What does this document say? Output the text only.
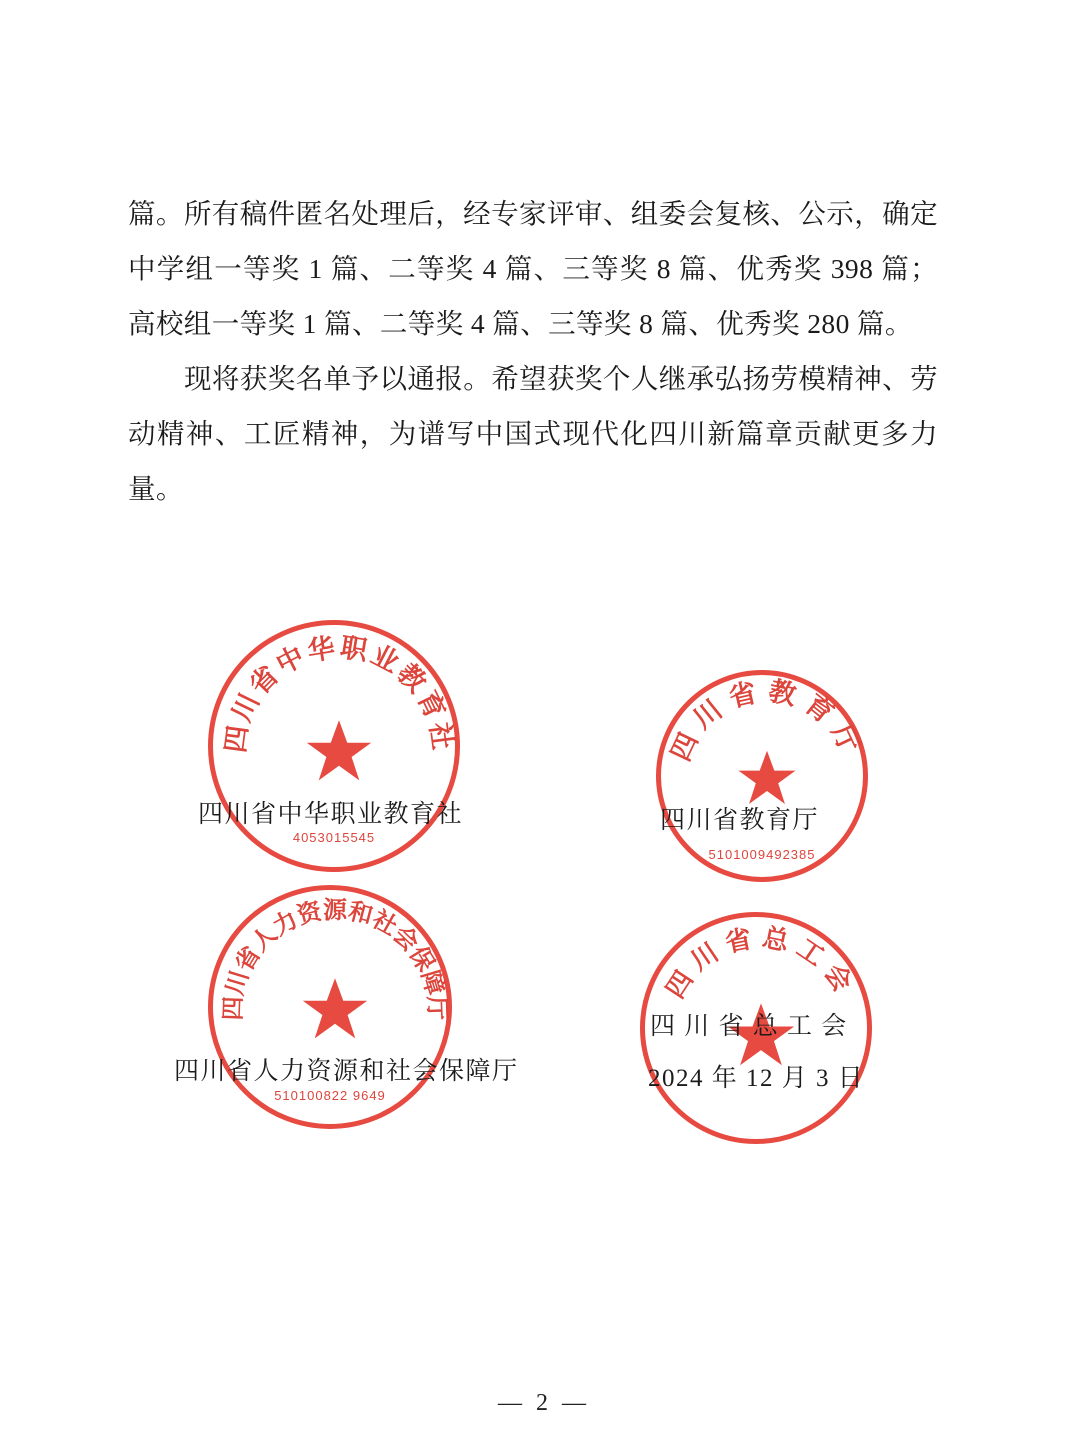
篇。所有稿件匿名处理后，经专家评审、组委会复核、公示，确定中学组一等奖 1 篇、二等奖 4 篇、三等奖 8 篇、优秀奖 398 篇；高校组一等奖 1 篇、二等奖 4 篇、三等奖 8 篇、优秀奖 280 篇。

现将获奖名单予以通报。希望获奖个人继承弘扬劳模精神、劳动精神、工匠精神，为谱写中国式现代化四川新篇章贡献更多力量。

四川省中华职业教育社
4053015545
四川省中华职业教育社
四川省教育厅
5101009492385
四川省教育厅
四川省人力资源和社会保障厅
510100822 9649
四川省人力资源和社会保障厅
四川省总工会
四 川 省 总 工 会
2024 年 12 月 3 日
— 2 —
